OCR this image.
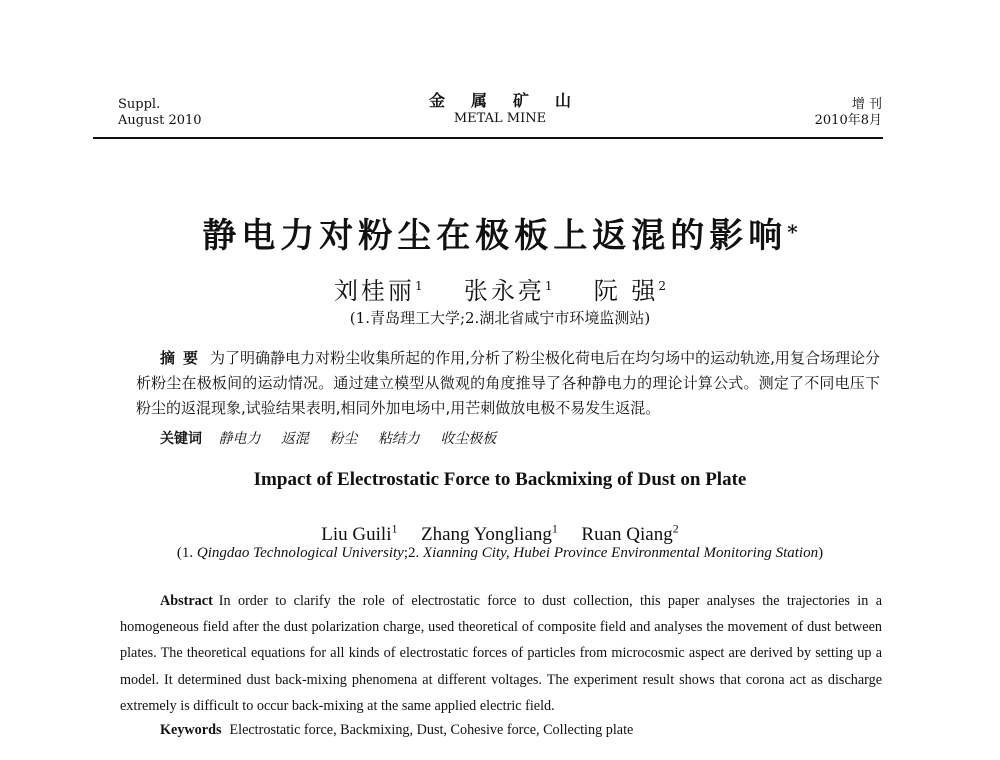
Suppl.
August 2010
金属矿山
METAL MINE
增 刊
2010年8月
静电力对粉尘在极板上返混的影响*
刘桂丽$^1$ 张永亮$^1$ 阮 强$^2$
(1.青岛理工大学;2.湖北省咸宁市环境监测站)
摘要 为了明确静电力对粉尘收集所起的作用,分析了粉尘极化荷电后在均匀场中的运动轨迹,用复合场理论分析粉尘在极板间的运动情况。通过建立模型从微观的角度推导了各种静电力的理论计算公式。测定了不同电压下粉尘的返混现象,试验结果表明,相同外加电场中,用芒刺做放电极不易发生返混。
关键词 静电力 返混 粉尘 粘结力 收尘极板
Impact of Electrostatic Force to Backmixing of Dust on Plate
Liu Guili$^1$ Zhang Yongliang$^1$ Ruan Qiang$^2$
(1. Qingdao Technological University;2. Xianning City, Hubei Province Environmental Monitoring Station)
Abstract In order to clarify the role of electrostatic force to dust collection, this paper analyses the trajectories in a homogeneous field after the dust polarization charge, used theoretical of composite field and analyses the movement of dust between plates. The theoretical equations for all kinds of electrostatic forces of particles from microcosmic aspect are derived by setting up a model. It determined dust back-mixing phenomena at different voltages. The experiment result shows that corona act as discharge extremely is difficult to occur back-mixing at the same applied electric field.
Keywords Electrostatic force, Backmixing, Dust, Cohesive force, Collecting plate
